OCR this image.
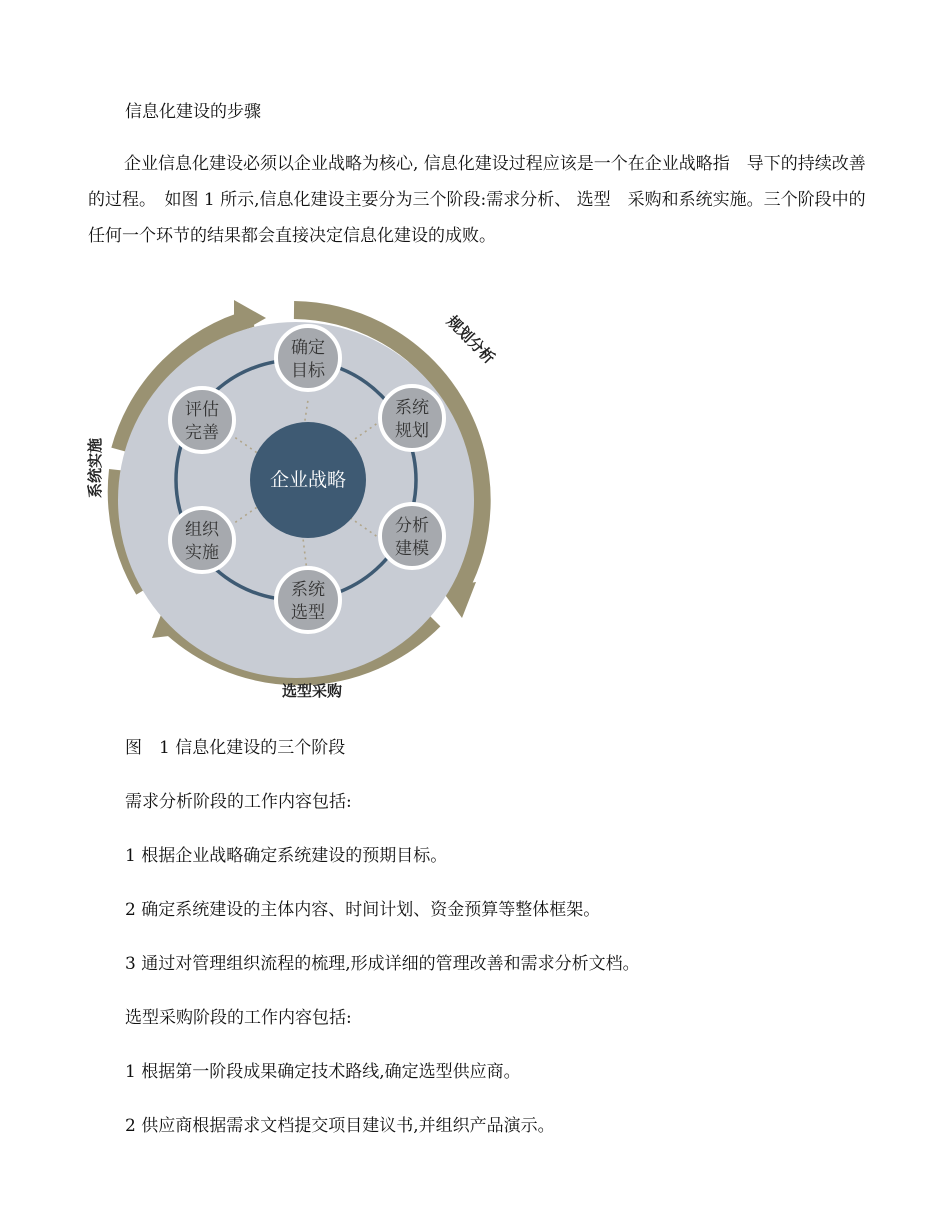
信息化建设的步骤
企业信息化建设必须以企业战略为核心, 信息化建设过程应该是一个在企业战略指　导下的持续改善的过程。　如图 1 所示,信息化建设主要分为三个阶段:需求分析、 选型　采购和系统实施。三个阶段中的任何一个环节的结果都会直接决定信息化建设的成败。
企业战略
确定
目标
系统
规划
分析
建模
系统
选型
组织
实施
评估
完善
规划分析
选型采购
系统实施
图　1 信息化建设的三个阶段
需求分析阶段的工作内容包括:
1 根据企业战略确定系统建设的预期目标。
2 确定系统建设的主体内容、时间计划、资金预算等整体框架。
3 通过对管理组织流程的梳理,形成详细的管理改善和需求分析文档。
选型采购阶段的工作内容包括:
1 根据第一阶段成果确定技术路线,确定选型供应商。
2 供应商根据需求文档提交项目建议书,并组织产品演示。
